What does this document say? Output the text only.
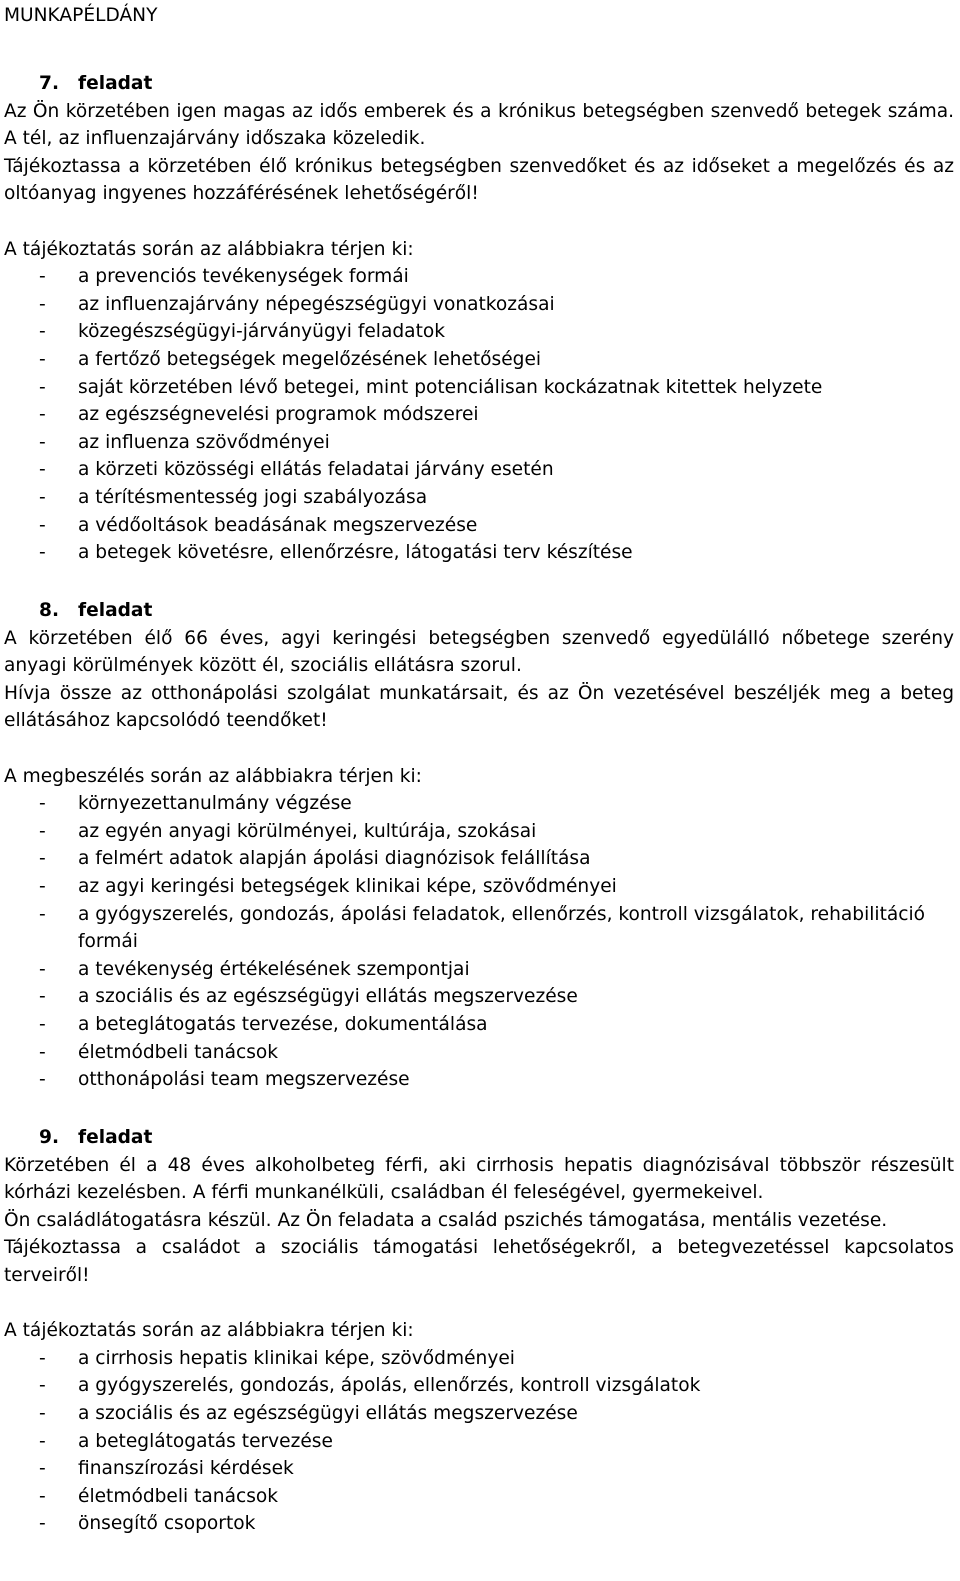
MUNKAPÉLDÁNY
7. feladat

Az Ön körzetében igen magas az idős emberek és a krónikus betegségben szenvedő betegek száma. A tél, az influenzajárvány időszaka közeledik.

Tájékoztassa a körzetében élő krónikus betegségben szenvedőket és az időseket a megelőzés és az oltóanyag ingyenes hozzáférésének lehetőségéről!

A tájékoztatás során az alábbiakra térjen ki:
- a prevenciós tevékenységek formái
- az influenzajárvány népegészségügyi vonatkozásai
- közegészségügyi-járványügyi feladatok
- a fertőző betegségek megelőzésének lehetőségei
- saját körzetében lévő betegei, mint potenciálisan kockázatnak kitettek helyzete
- az egészségnevelési programok módszerei
- az influenza szövődményei
- a körzeti közösségi ellátás feladatai járvány esetén
- a térítésmentesség jogi szabályozása
- a védőoltások beadásának megszervezése
- a betegek követésre, ellenőrzésre, látogatási terv készítése
8. feladat

A körzetében élő 66 éves, agyi keringési betegségben szenvedő egyedülálló nőbetege szerény anyagi körülmények között él, szociális ellátásra szorul.

Hívja össze az otthonápolási szolgálat munkatársait, és az Ön vezetésével beszéljék meg a beteg ellátásához kapcsolódó teendőket!

A megbeszélés során az alábbiakra térjen ki:
- környezettanulmány végzése
- az egyén anyagi körülményei, kultúrája, szokásai
- a felmért adatok alapján ápolási diagnózisok felállítása
- az agyi keringési betegségek klinikai képe, szövődményei
- a gyógyszerelés, gondozás, ápolási feladatok, ellenőrzés, kontroll vizsgálatok, rehabilitáció formái
- a tevékenység értékelésének szempontjai
- a szociális és az egészségügyi ellátás megszervezése
- a beteglátogatás tervezése, dokumentálása
- életmódbeli tanácsok
- otthonápolási team megszervezése
9. feladat

Körzetében él a 48 éves alkoholbeteg férfi, aki cirrhosis hepatis diagnózisával többször részesült kórházi kezelésben. A férfi munkanélküli, családban él feleségével, gyermekeivel.

Ön családlátogatásra készül. Az Ön feladata a család pszichés támogatása, mentális vezetése.

Tájékoztassa a családot a szociális támogatási lehetőségekről, a betegvezetéssel kapcsolatos terveiről!

A tájékoztatás során az alábbiakra térjen ki:
- a cirrhosis hepatis klinikai képe, szövődményei
- a gyógyszerelés, gondozás, ápolás, ellenőrzés, kontroll vizsgálatok
- a szociális és az egészségügyi ellátás megszervezése
- a beteglátogatás tervezése
- finanszírozási kérdések
- életmódbeli tanácsok
- önsegítő csoportok
